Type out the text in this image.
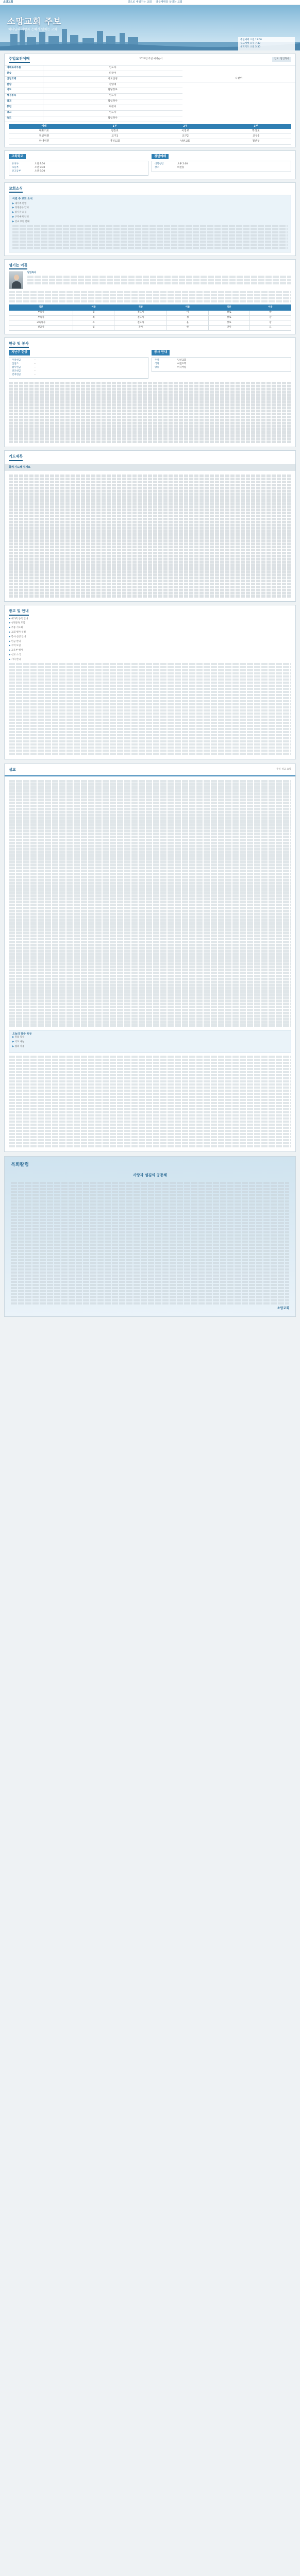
소망교회	빛으로 세워지는 교회 다음세대를 살리는 교회
소망교회 주보
하나님의 사랑과 은혜가 넘치는 교회
주일예배 오전 11:00
수요예배 오후 7:30
새벽기도 오전 5:30
주일오전예배	2024년 주일 예배순서	인도: 담임목사
예배로의부름	인도자	
찬송	다같이	
신앙고백	사도신경	다같이
찬양	찬양대	
기도	담당장로	
성경봉독	인도자	
설교	담임목사	
봉헌	다같이	
광고	인도자	
축도	담임목사	
예배	1부	2부	3부
대표기도	김장로	이장로	박장로
헌금위원	교구1	교구2	교구3
안내위원	여전도회	남선교회	청년부
교회학교
유치부	오전 9:30
초등부	오전 9:30
중고등부	오전 9:30
청년예배
대학청년	오후 2:00
장소	비전홀
교회소식
이번 주 교회 소식
▶ 새가족 환영
▶ 성경공부 안내
▶ 봉사자 모집
▶ 구역예배 안내
▶ 선교 후원 안내
섬기는 이들
담임목사
직분	이름	직분	이름	직분	이름
부목사	김	전도사	이	장로	박
부목사	최	전도사	정	장로	강
교육목사	조	전도사	윤	장로	장
선교사	임	간사	한	권사	오
헌금 및 봉사
지난주 헌금
주일헌금	-
십일조	-
감사헌금	-
선교헌금	-
건축헌금	-
봉사 안내
주차	남선교회
식당	여전도회
방송	미디어팀
기도제목
함께 기도해 주세요
광고 및 안내
▶ 새가족 등록 안내
▶ 성경통독 모임
▶ 주중 기도회
▶ 교회 행사 일정
▶ 봉사 신청 안내
▶ 헌금 안내
▶ 구역 모임
▶ 교육부 행사
▶ 선교 소식
▶ 기타 안내
설교	주일 설교 요약
오늘의 말씀 묵상
▶ 말씀 묵상
▶ 기도 나눔
▶ 삶의 적용
목회칼럼
사랑과 섬김의 공동체
소망교회
